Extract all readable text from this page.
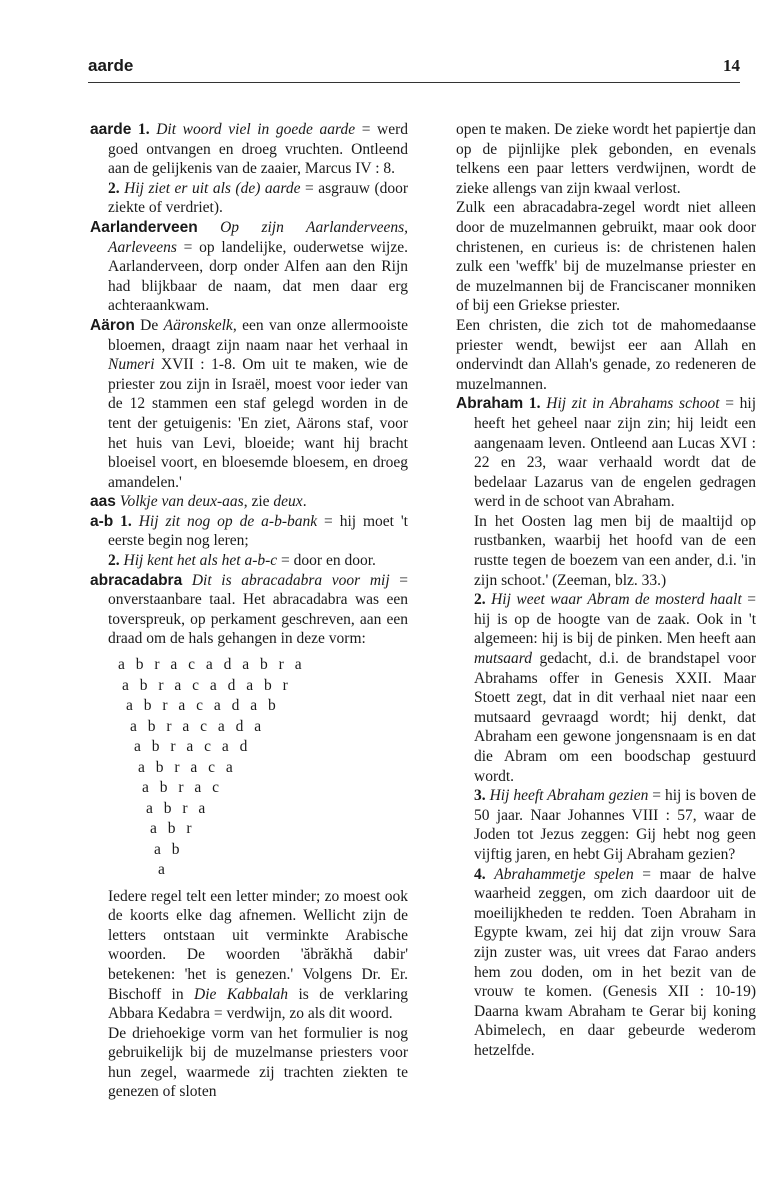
aarde	14

aarde 1. Dit woord viel in goede aarde = werd goed ontvangen en droeg vruchten. Ontleend aan de gelijkenis van de zaaier, Marcus IV : 8.

2. Hij ziet er uit als (de) aarde = asgrauw (door ziekte of verdriet).

Aarlanderveen Op zijn Aarlanderveens, Aarleveens = op landelijke, ouderwetse wijze. Aarlanderveen, dorp onder Alfen aan den Rijn had blijkbaar de naam, dat men daar erg achteraankwam.

Aäron De Aäronskelk, een van onze allermooiste bloemen, draagt zijn naam naar het verhaal in Numeri XVII : 1-8. Om uit te maken, wie de priester zou zijn in Israël, moest voor ieder van de 12 stammen een staf gelegd worden in de tent der getuigenis: 'En ziet, Aärons staf, voor het huis van Levi, bloeide; want hij bracht bloeisel voort, en bloesemde bloesem, en droeg amandelen.'

aas Volkje van deux-aas, zie deux.

a-b 1. Hij zit nog op de a-b-bank = hij moet 't eerste begin nog leren;

2. Hij kent het als het a-b-c = door en door.

abracadabra Dit is abracadabra voor mij = onverstaanbare taal. Het abracadabra was een toverspreuk, op perkament geschreven, aan een draad om de hals gehangen in deze vorm:

a b r a c a d a b r a
a b r a c a d a b r
a b r a c a d a b
a b r a c a d a
a b r a c a d
a b r a c a
a b r a c
a b r a
a b r
a b
a

Iedere regel telt een letter minder; zo moest ook de koorts elke dag afnemen. Wellicht zijn de letters ontstaan uit verminkte Arabische woorden. De woorden 'ăbrăkhă dabir' betekenen: 'het is genezen.' Volgens Dr. Er. Bischoff in Die Kabbalah is de verklaring Abbara Kedabra = verdwijn, zo als dit woord.

De driehoekige vorm van het formulier is nog gebruikelijk bij de muzelmanse priesters voor hun zegel, waarmede zij trachten ziekten te genezen of sloten

open te maken. De zieke wordt het papiertje dan op de pijnlijke plek gebonden, en evenals telkens een paar letters verdwijnen, wordt de zieke allengs van zijn kwaal verlost.

Zulk een abracadabra-zegel wordt niet alleen door de muzelmannen gebruikt, maar ook door christenen, en curieus is: de christenen halen zulk een 'weffk' bij de muzelmanse priester en de muzelmannen bij de Franciscaner monniken of bij een Griekse priester.

Een christen, die zich tot de mahomedaanse priester wendt, bewijst eer aan Allah en ondervindt dan Allah's genade, zo redeneren de muzelmannen.

Abraham 1. Hij zit in Abrahams schoot = hij heeft het geheel naar zijn zin; hij leidt een aangenaam leven. Ontleend aan Lucas XVI : 22 en 23, waar verhaald wordt dat de bedelaar Lazarus van de engelen gedragen werd in de schoot van Abraham.

In het Oosten lag men bij de maaltijd op rustbanken, waarbij het hoofd van de een rustte tegen de boezem van een ander, d.i. 'in zijn schoot.' (Zeeman, blz. 33.)

2. Hij weet waar Abram de mosterd haalt = hij is op de hoogte van de zaak. Ook in 't algemeen: hij is bij de pinken. Men heeft aan mutsaard gedacht, d.i. de brandstapel voor Abrahams offer in Genesis XXII. Maar Stoett zegt, dat in dit verhaal niet naar een mutsaard gevraagd wordt; hij denkt, dat Abraham een gewone jongensnaam is en dat die Abram om een boodschap gestuurd wordt.

3. Hij heeft Abraham gezien = hij is boven de 50 jaar. Naar Johannes VIII : 57, waar de Joden tot Jezus zeggen: Gij hebt nog geen vijftig jaren, en hebt Gij Abraham gezien?

4. Abrahammetje spelen = maar de halve waarheid zeggen, om zich daardoor uit de moeilijkheden te redden. Toen Abraham in Egypte kwam, zei hij dat zijn vrouw Sara zijn zuster was, uit vrees dat Farao anders hem zou doden, om in het bezit van de vrouw te komen. (Genesis XII : 10-19) Daarna kwam Abraham te Gerar bij koning Abimelech, en daar gebeurde wederom hetzelfde.
